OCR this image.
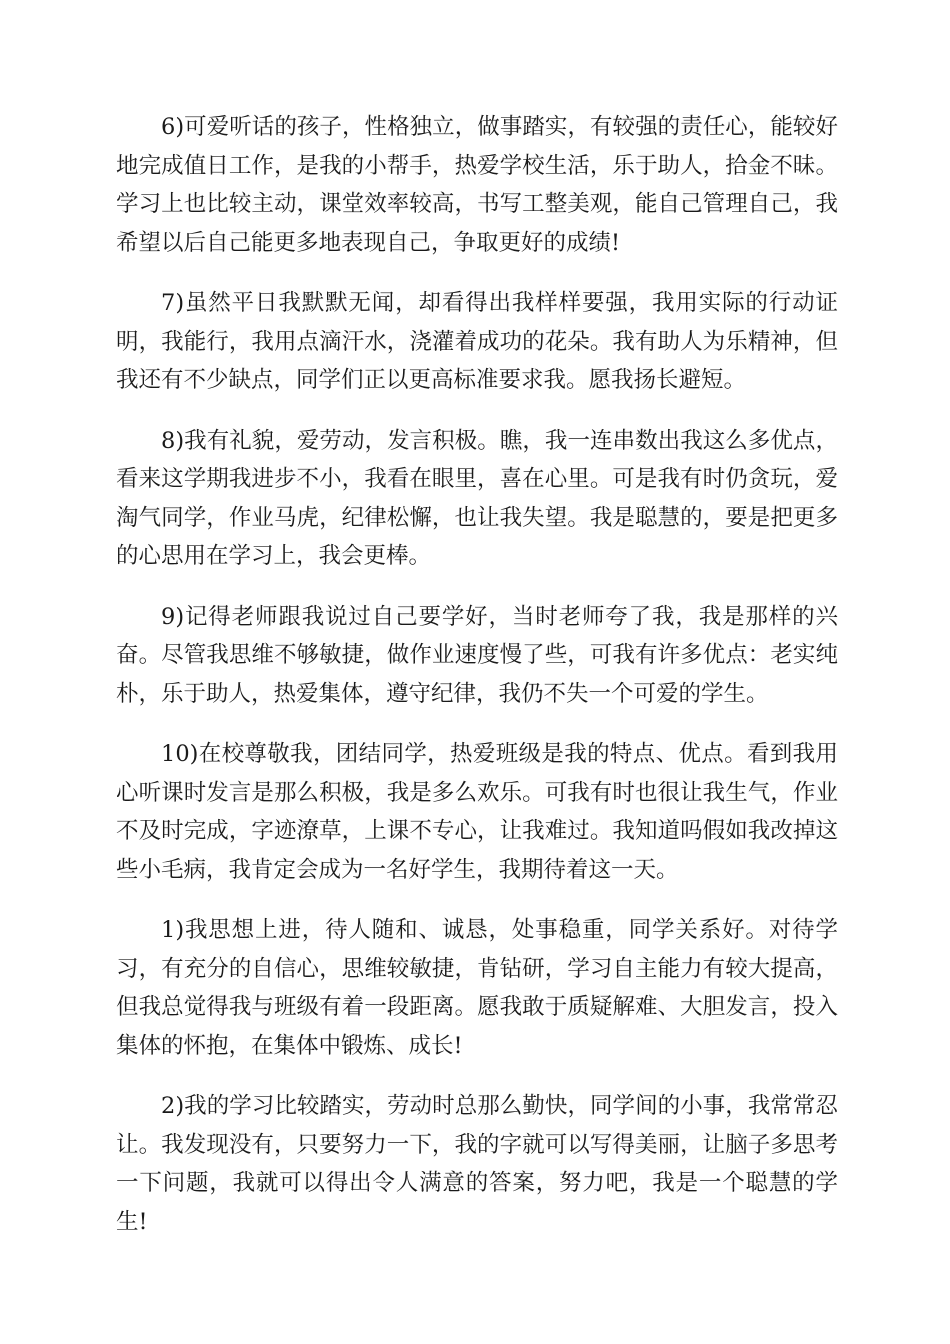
6)可爱听话的孩子，性格独立，做事踏实，有较强的责任心，能较好地完成值日工作，是我的小帮手，热爱学校生活，乐于助人，拾金不昧。学习上也比较主动，课堂效率较高，书写工整美观，能自己管理自己，我希望以后自己能更多地表现自己，争取更好的成绩!

7)虽然平日我默默无闻，却看得出我样样要强，我用实际的行动证明，我能行，我用点滴汗水，浇灌着成功的花朵。我有助人为乐精神，但我还有不少缺点，同学们正以更高标准要求我。愿我扬长避短。

8)我有礼貌，爱劳动，发言积极。瞧，我一连串数出我这么多优点，看来这学期我进步不小，我看在眼里，喜在心里。可是我有时仍贪玩，爱淘气同学，作业马虎，纪律松懈，也让我失望。我是聪慧的，要是把更多的心思用在学习上，我会更棒。

9)记得老师跟我说过自己要学好，当时老师夸了我，我是那样的兴奋。尽管我思维不够敏捷，做作业速度慢了些，可我有许多优点：老实纯朴，乐于助人，热爱集体，遵守纪律，我仍不失一个可爱的学生。

10)在校尊敬我，团结同学，热爱班级是我的特点、优点。看到我用心听课时发言是那么积极，我是多么欢乐。可我有时也很让我生气，作业不及时完成，字迹潦草，上课不专心，让我难过。我知道吗假如我改掉这些小毛病，我肯定会成为一名好学生，我期待着这一天。

1)我思想上进，待人随和、诚恳，处事稳重，同学关系好。对待学习，有充分的自信心，思维较敏捷，肯钻研，学习自主能力有较大提高，但我总觉得我与班级有着一段距离。愿我敢于质疑解难、大胆发言，投入集体的怀抱，在集体中锻炼、成长!

2)我的学习比较踏实，劳动时总那么勤快，同学间的小事，我常常忍让。我发现没有，只要努力一下，我的字就可以写得美丽，让脑子多思考一下问题，我就可以得出令人满意的答案，努力吧，我是一个聪慧的学生!
